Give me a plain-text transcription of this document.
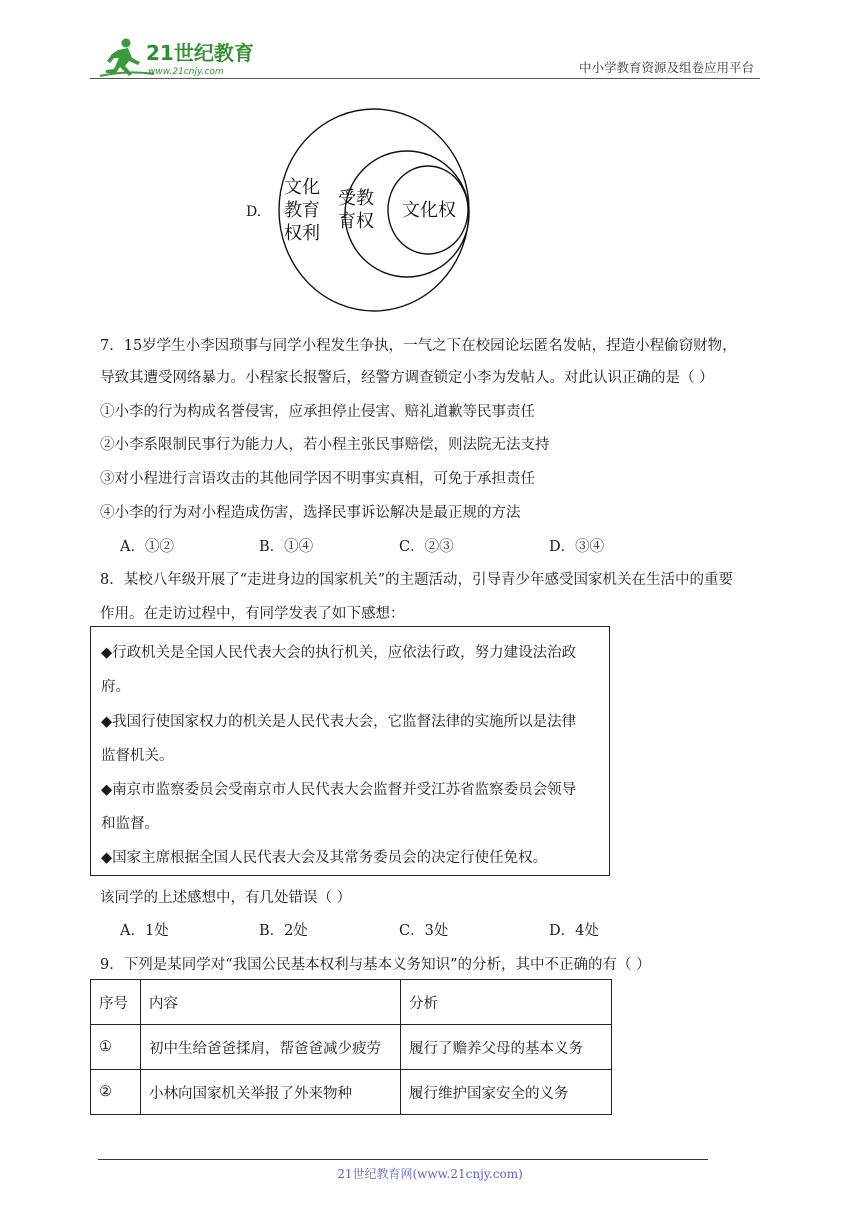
21世纪教育
www.21cnjy.com	中小学教育资源及组卷应用平台
D.
文化
教育
权利
受教
育权
文化权
7．15岁学生小李因琐事与同学小程发生争执，一气之下在校园论坛匿名发帖，捏造小程偷窃财物，
导致其遭受网络暴力。小程家长报警后，经警方调查锁定小李为发帖人。对此认识正确的是（ ）
①小李的行为构成名誉侵害，应承担停止侵害、赔礼道歉等民事责任
②小李系限制民事行为能力人，若小程主张民事赔偿，则法院无法支持
③对小程进行言语攻击的其他同学因不明事实真相，可免于承担责任
④小李的行为对小程造成伤害，选择民事诉讼解决是最正规的方法
A．①②	B．①④	C．②③	D．③④
8．某校八年级开展了“走进身边的国家机关”的主题活动，引导青少年感受国家机关在生活中的重要
作用。在走访过程中，有同学发表了如下感想：
◆行政机关是全国人民代表大会的执行机关，应依法行政，努力建设法治政
府。
◆我国行使国家权力的机关是人民代表大会，它监督法律的实施所以是法律
监督机关。
◆南京市监察委员会受南京市人民代表大会监督并受江苏省监察委员会领导
和监督。
◆国家主席根据全国人民代表大会及其常务委员会的决定行使任免权。
该同学的上述感想中，有几处错误（ ）
A．1处	B．2处	C．3处	D．4处
9．下列是某同学对“我国公民基本权利与基本义务知识”的分析，其中不正确的有（ ）
序号	内容	分析
①	初中生给爸爸揉肩，帮爸爸减少疲劳	履行了赡养父母的基本义务
②	小林向国家机关举报了外来物种	履行维护国家安全的义务
21世纪教育网(www.21cnjy.com)
